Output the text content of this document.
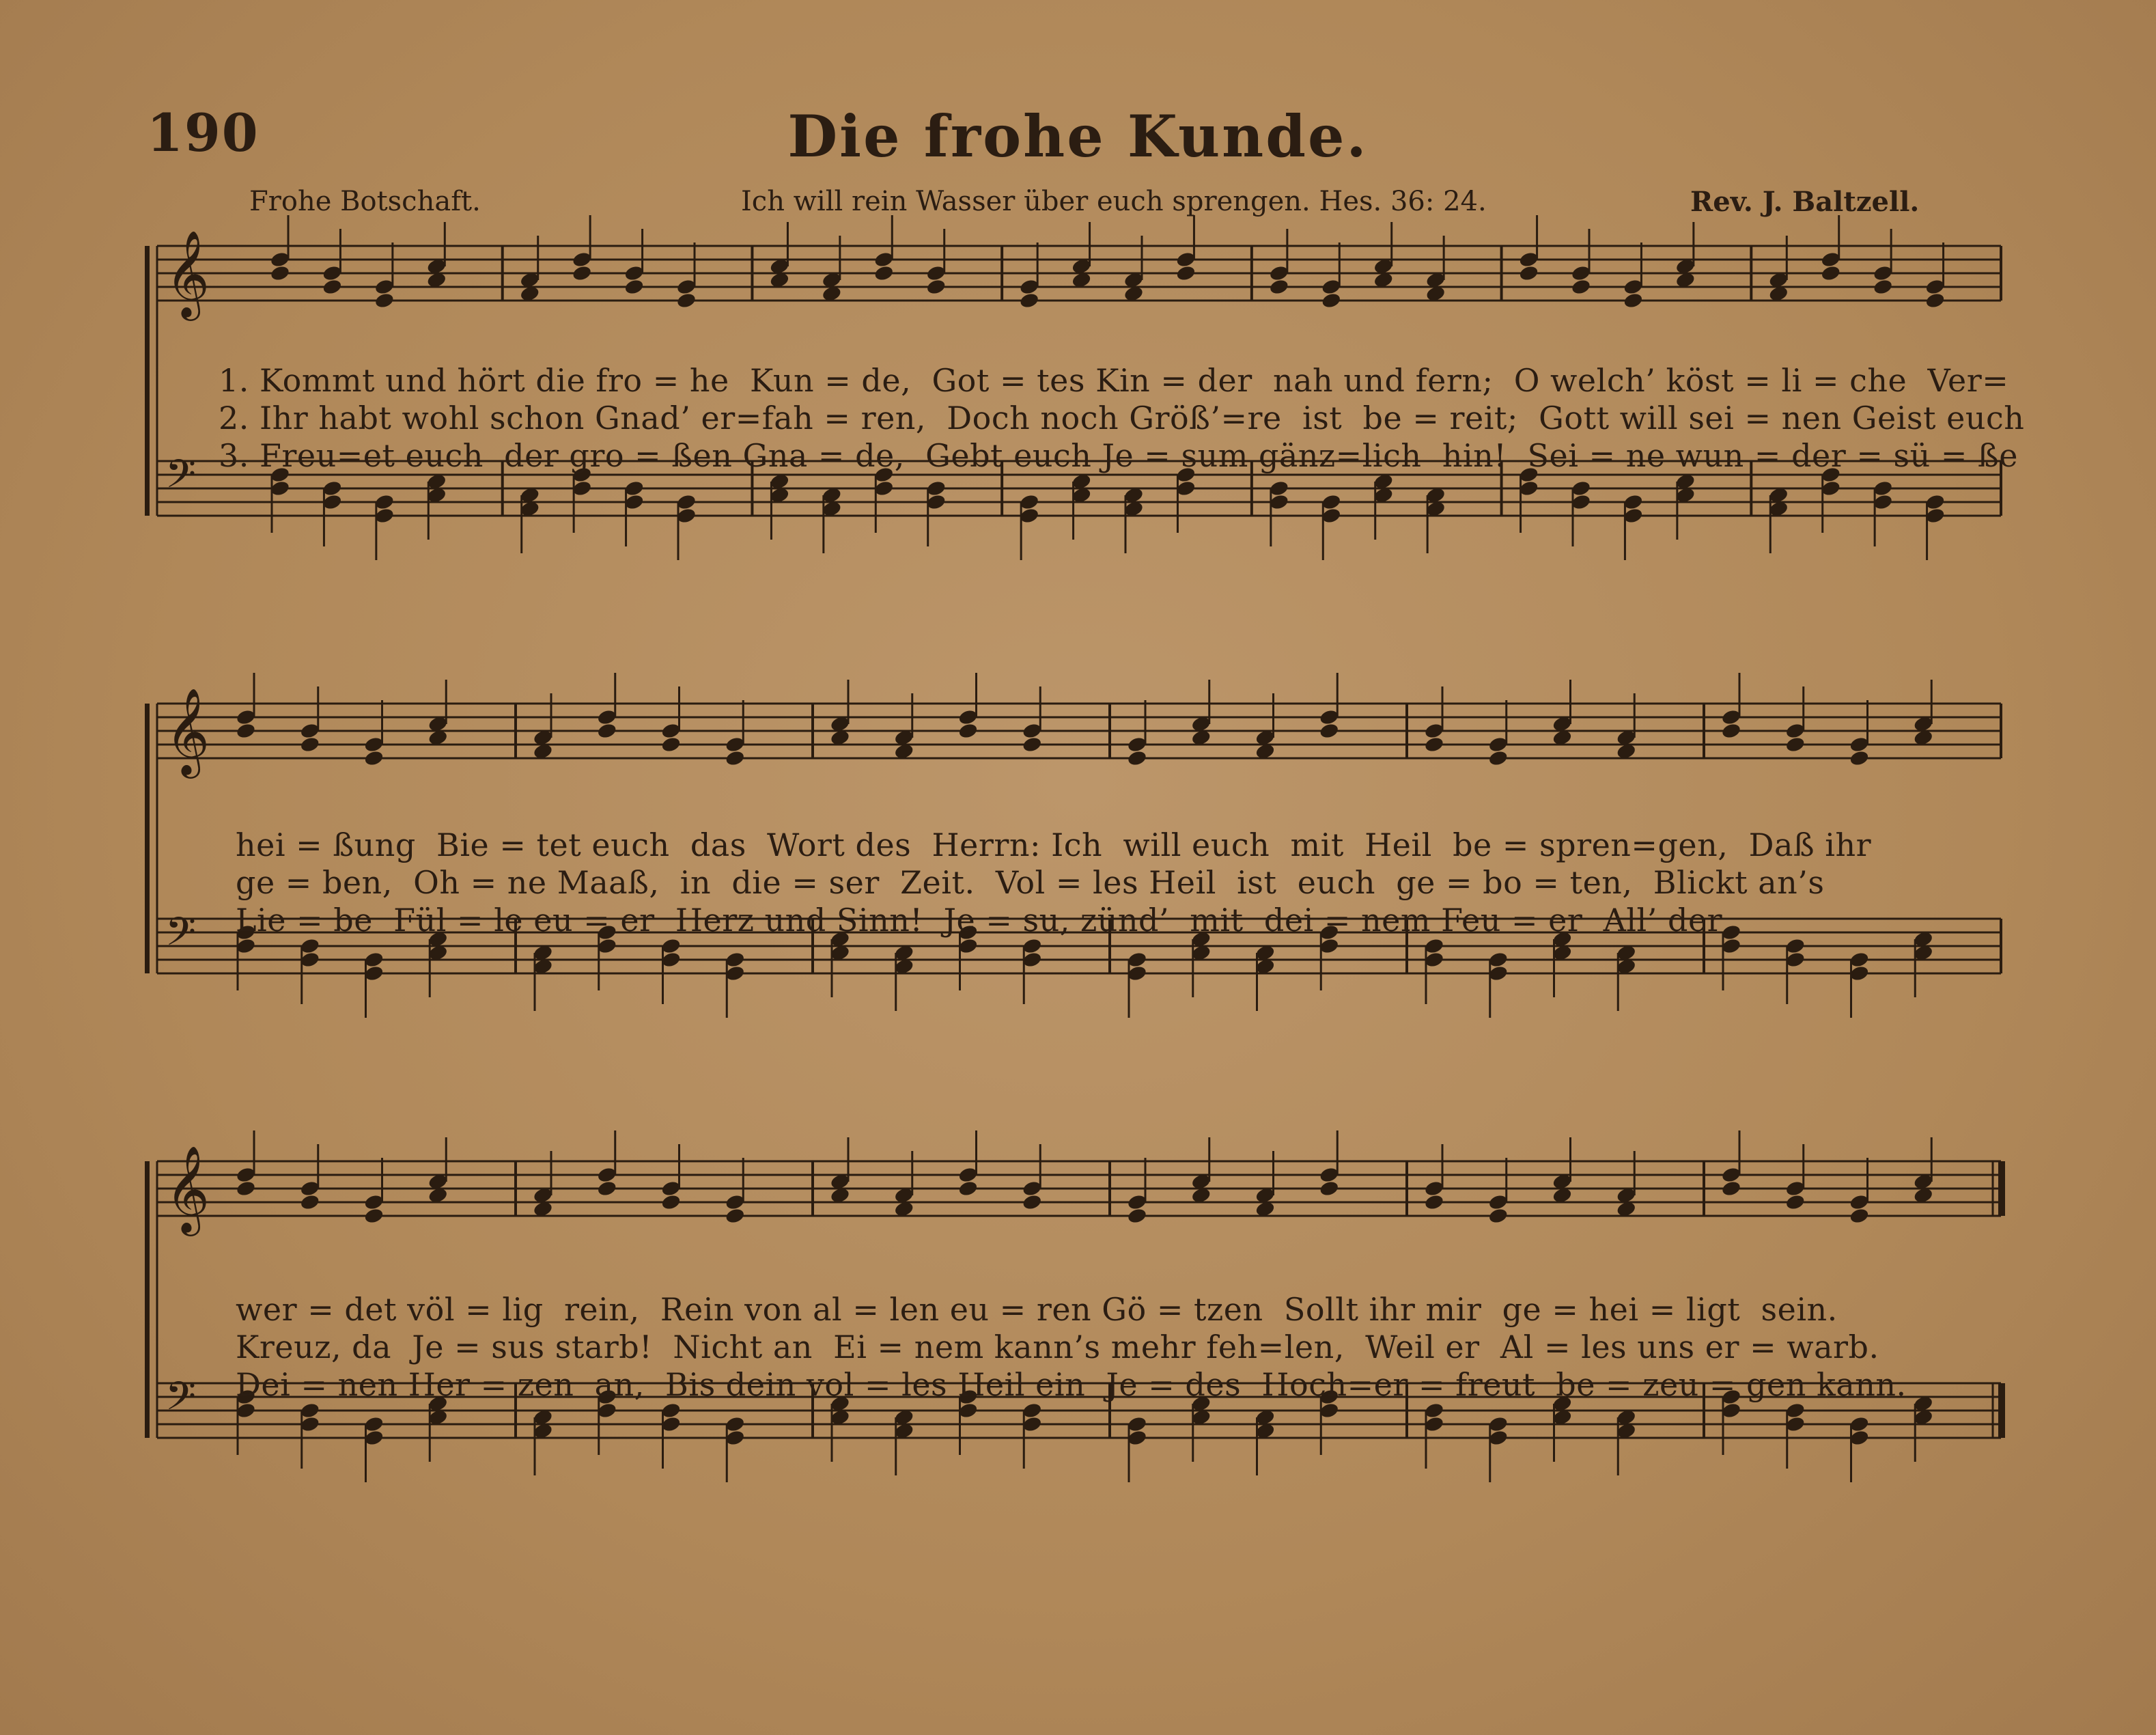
190	Die frohe Kunde.
Frohe Botschaft.	Ich will rein Wasser über euch sprengen. Hes. 36: 24.	Rev. J. Baltzell.
𝄞
𝄢
1. Kommt und hört die fro = he  Kun = de,  Got = tes Kin = der  nah und fern;  O welch’ köst = li = che  Ver=
2. Ihr habt wohl schon Gnad’ er=fah = ren,  Doch noch Größ’=re  ist  be = reit;  Gott will sei = nen Geist euch
3. Freu=et euch  der gro = ßen Gna = de,  Gebt euch Je = sum gänz=lich  hin!  Sei = ne wun = der = sü = ße
𝄞
𝄢
hei = ßung  Bie = tet euch  das  Wort des  Herrn: Ich  will euch  mit  Heil  be = spren=gen,  Daß ihr
ge = ben,  Oh = ne Maaß,  in  die = ser  Zeit.  Vol = les Heil  ist  euch  ge = bo = ten,  Blickt an’s
Lie = be  Fül = le eu = er  Herz und Sinn!  Je = su, zünd’  mit  dei = nem Feu = er  All’ der
𝄞
𝄢
wer = det völ = lig  rein,  Rein von al = len eu = ren Gö = tzen  Sollt ihr mir  ge = hei = ligt  sein.
Kreuz, da  Je = sus starb!  Nicht an  Ei = nem kann’s mehr feh=len,  Weil er  Al = les uns er = warb.
Dei = nen Her = zen  an,  Bis dein vol = les Heil ein  Je = des  Hoch=er = freut  be = zeu = gen kann.
